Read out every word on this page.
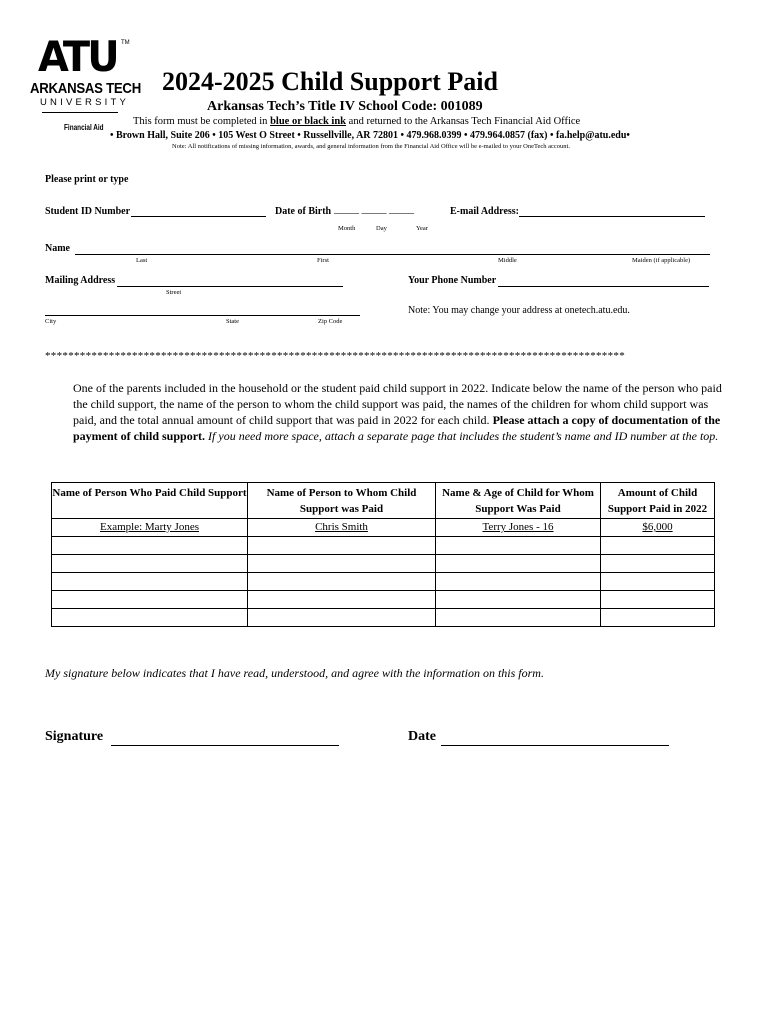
ATU TM
ARKANSAS TECH
UNIVERSITY
Financial Aid
2024-2025 Child Support Paid
Arkansas Tech’s Title IV School Code: 001089
This form must be completed in blue or black ink and returned to the Arkansas Tech Financial Aid Office
• Brown Hall, Suite 206 • 105 West O Street • Russellville, AR 72801 • 479.968.0399 • 479.964.0857 (fax) • fa.help@atu.edu•
Note: All notifications of missing information, awards, and general information from the Financial Aid Office will be e-mailed to your OneTech account.
Please print or type
Student ID Number	Date of Birth _____ _____ _____
Month	Day	Year
E-mail Address:
Name
Last	First	Middle	Maiden (if applicable)
Mailing Address
Street
Your Phone Number
Note: You may change your address at onetech.atu.edu.
City	State	Zip Code
****************************************************************************************************
One of the parents included in the household or the student paid child support in 2022. Indicate below the name of the person who paid the child support, the name of the person to whom the child support was paid, the names of the children for whom child support was paid, and the total annual amount of child support that was paid in 2022 for each child. Please attach a copy of documentation of the payment of child support. If you need more space, attach a separate page that includes the student’s name and ID number at the top.
Name of Person Who Paid Child Support	Name of Person to Whom Child Support was Paid	Name & Age of Child for Whom Support Was Paid	Amount of Child Support Paid in 2022
Example: Marty Jones	Chris Smith	Terry Jones - 16	$6,000

My signature below indicates that I have read, understood, and agree with the information on this form.
Signature	Date
